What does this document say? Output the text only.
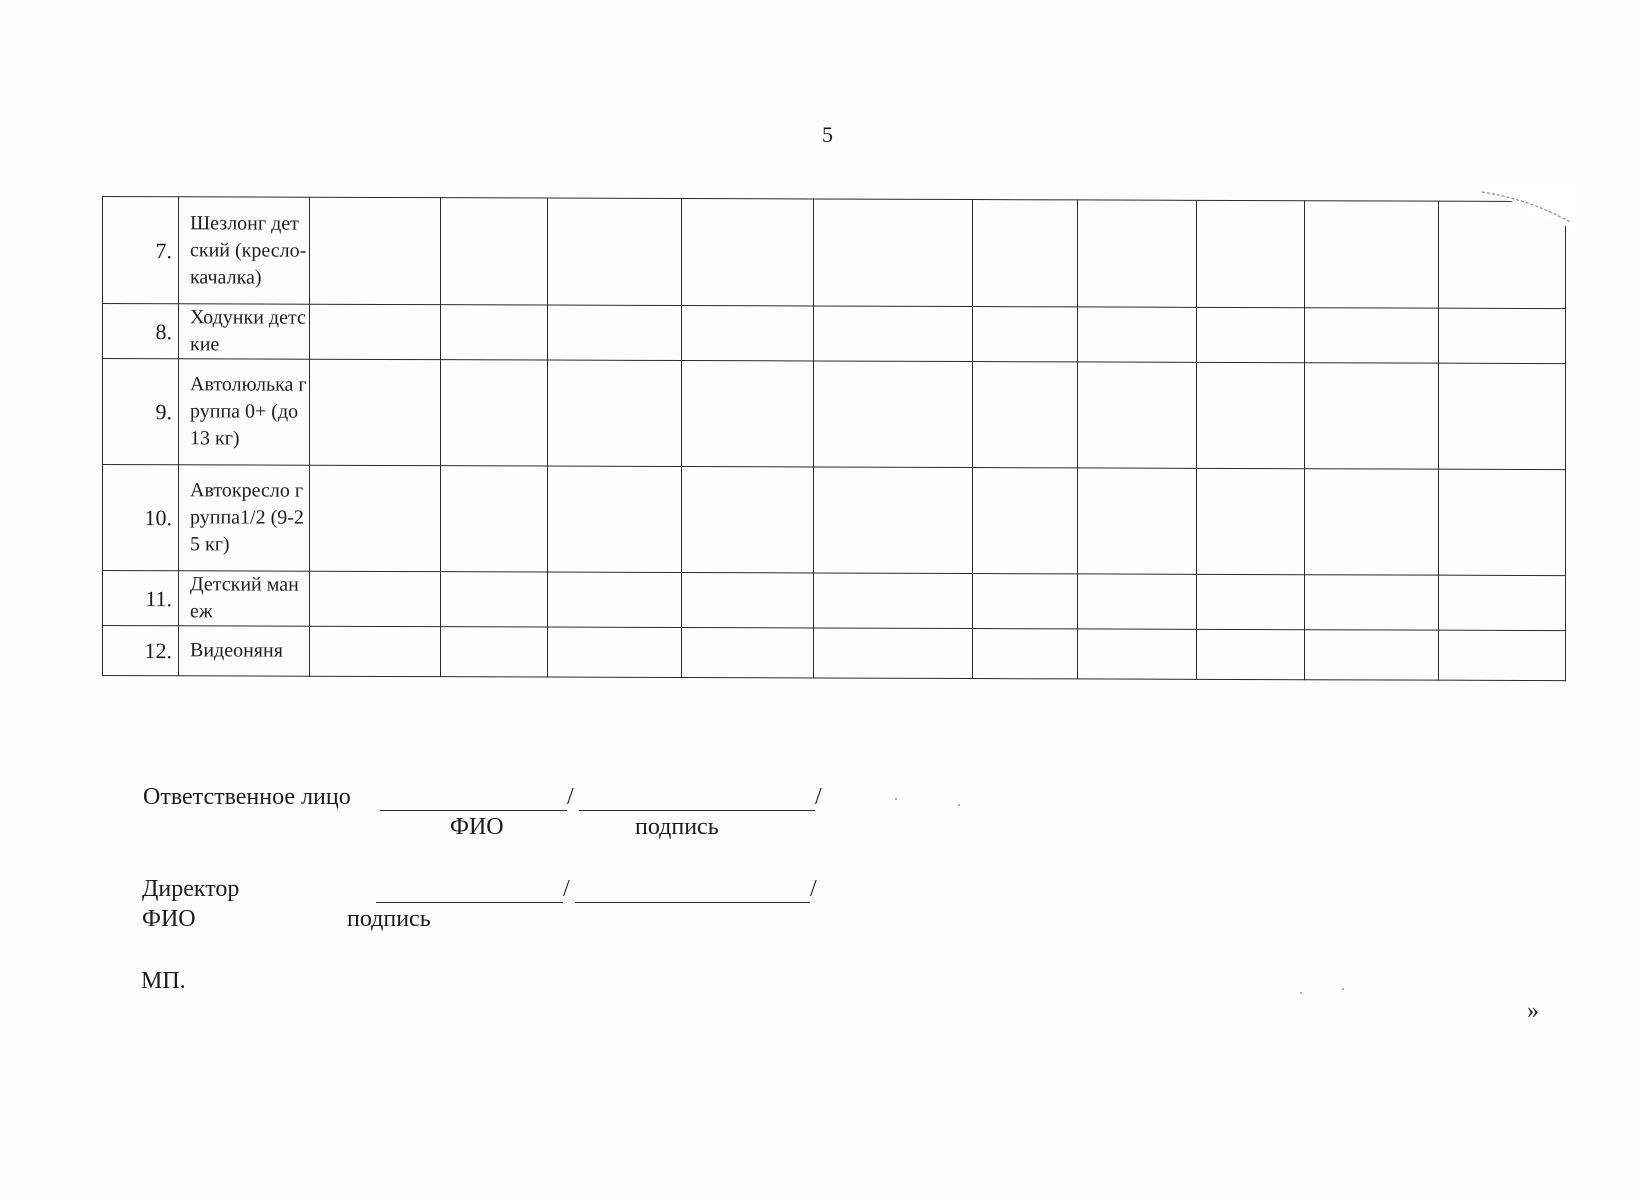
5
7.	Шезлонг детский (кресло-качалка)										
8.	Ходунки детские										
9.	Автолюлька группа 0+ (до 13 кг)										
10.	Автокресло группа1/2 (9-25 кг)										
11.	Детский манеж										
12.	Видеоняня										
Ответственное лицо	/	/
ФИО	подпись
Директор	/	/
ФИО	подпись
МП.
»
